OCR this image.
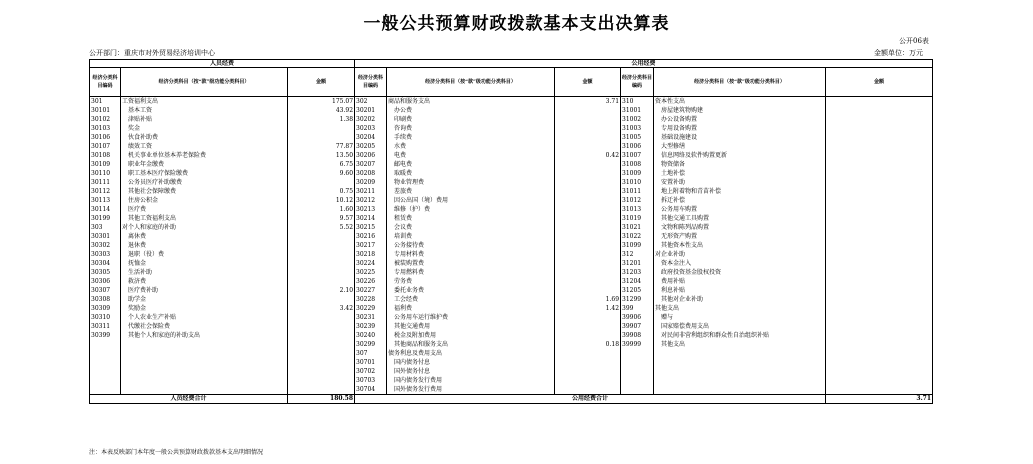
一般公共预算财政拨款基本支出决算表
公开06表
公开部门：重庆市对外贸易经济培训中心	金额单位：万元
人员经费			公用经费					
经济分类科目编码	经济分类科目（按“款”级功能分类科目）	金额	经济分类科目编码	经济分类科目（按“款”级功能分类科目）	金额	经济分类科目编码	经济分类科目（按“款”级功能分类科目）	金额
301	工资福利支出	175.07	302	商品和服务支出	3.71	310	资本性支出	
30101	基本工资	43.92	30201	办公费		31001	房屋建筑物购建	
30102	津贴补贴	1.38	30202	印刷费		31002	办公设备购置	
30103	奖金		30203	咨询费		31003	专用设备购置	
30106	伙食补助费		30204	手续费		31005	基础设施建设	
30107	绩效工资	77.87	30205	水费		31006	大型修缮	
30108	机关事业单位基本养老保险费	13.50	30206	电费	0.42	31007	信息网络及软件购置更新	
30109	职业年金缴费	6.75	30207	邮电费		31008	物资储备	
30110	职工基本医疗保险缴费	9.60	30208	取暖费		31009	土地补偿	
30111	公务员医疗补助缴费		30209	物业管理费		31010	安置补助	
30112	其他社会保障缴费	0.75	30211	差旅费		31011	地上附着物和青苗补偿	
30113	住房公积金	10.12	30212	因公出国（境）费用		31012	拆迁补偿	
30114	医疗费	1.60	30213	维修（护）费		31013	公务用车购置	
30199	其他工资福利支出	9.57	30214	租赁费		31019	其他交通工具购置	
303	对个人和家庭的补助	5.52	30215	会议费		31021	文物和陈列品购置	
30301	离休费		30216	培训费		31022	无形资产购置	
30302	退休费		30217	公务接待费		31099	其他资本性支出	
30303	退职（役）费		30218	专用材料费		312	对企业补助	
30304	抚恤金		30224	被装购置费		31201	资本金注入	
30305	生活补助		30225	专用燃料费		31203	政府投资基金股权投资	
30306	救济费		30226	劳务费		31204	费用补贴	
30307	医疗费补助	2.10	30227	委托业务费		31205	利息补贴	
30308	助学金		30228	工会经费	1.69	31299	其他对企业补助	
30309	奖励金	3.42	30229	福利费	1.42	399	其他支出	
30310	个人农业生产补贴		30231	公务用车运行维护费		39906	赠与	
30311	代缴社会保险费		30239	其他交通费用		39907	国家赔偿费用支出	
30399	其他个人和家庭的补助支出		30240	税金及附加费用		39908	对民间非营利组织和群众性自治组织补贴	
			30299	其他商品和服务支出	0.18	39999	其他支出	
			307	债务利息及费用支出				
			30701	国内债务付息				
			30702	国外债务付息				
			30703	国内债务发行费用				
			30704	国外债务发行费用				
人员经费合计		180.58	公用经费合计					3.71
注：本表反映部门本年度一般公共预算财政拨款基本支出明细情况
